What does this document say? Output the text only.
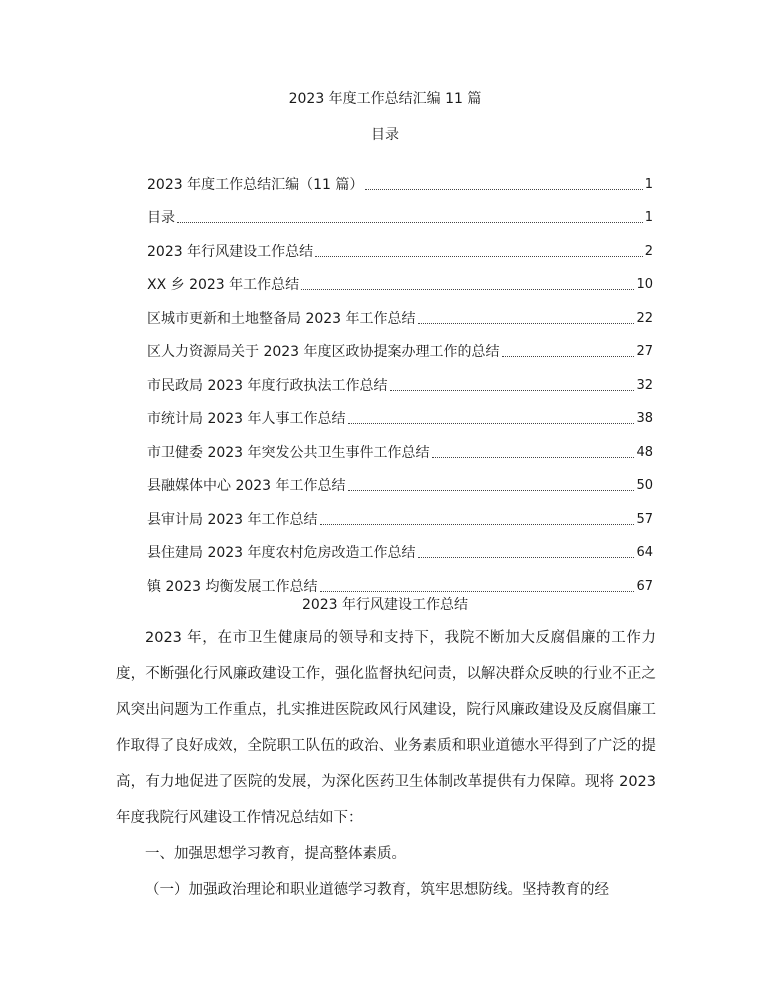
2023 年度工作总结汇编 11 篇
目录
2023 年度工作总结汇编（11 篇）	1
目录	1
2023 年行风建设工作总结	2
XX 乡 2023 年工作总结	10
区城市更新和土地整备局 2023 年工作总结	22
区人力资源局关于 2023 年度区政协提案办理工作的总结	27
市民政局 2023 年度行政执法工作总结	32
市统计局 2023 年人事工作总结	38
市卫健委 2023 年突发公共卫生事件工作总结	48
县融媒体中心 2023 年工作总结	50
县审计局 2023 年工作总结	57
县住建局 2023 年度农村危房改造工作总结	64
镇 2023 均衡发展工作总结	67
2023 年行风建设工作总结

2023 年，在市卫生健康局的领导和支持下，我院不断加大反腐倡廉的工作力度，不断强化行风廉政建设工作，强化监督执纪问责，以解决群众反映的行业不正之风突出问题为工作重点，扎实推进医院政风行风建设，院行风廉政建设及反腐倡廉工作取得了良好成效，全院职工队伍的政治、业务素质和职业道德水平得到了广泛的提高，有力地促进了医院的发展，为深化医药卫生体制改革提供有力保障。现将 2023 年度我院行风建设工作情况总结如下：

一、加强思想学习教育，提高整体素质。

（一）加强政治理论和职业道德学习教育，筑牢思想防线。坚持教育的经
